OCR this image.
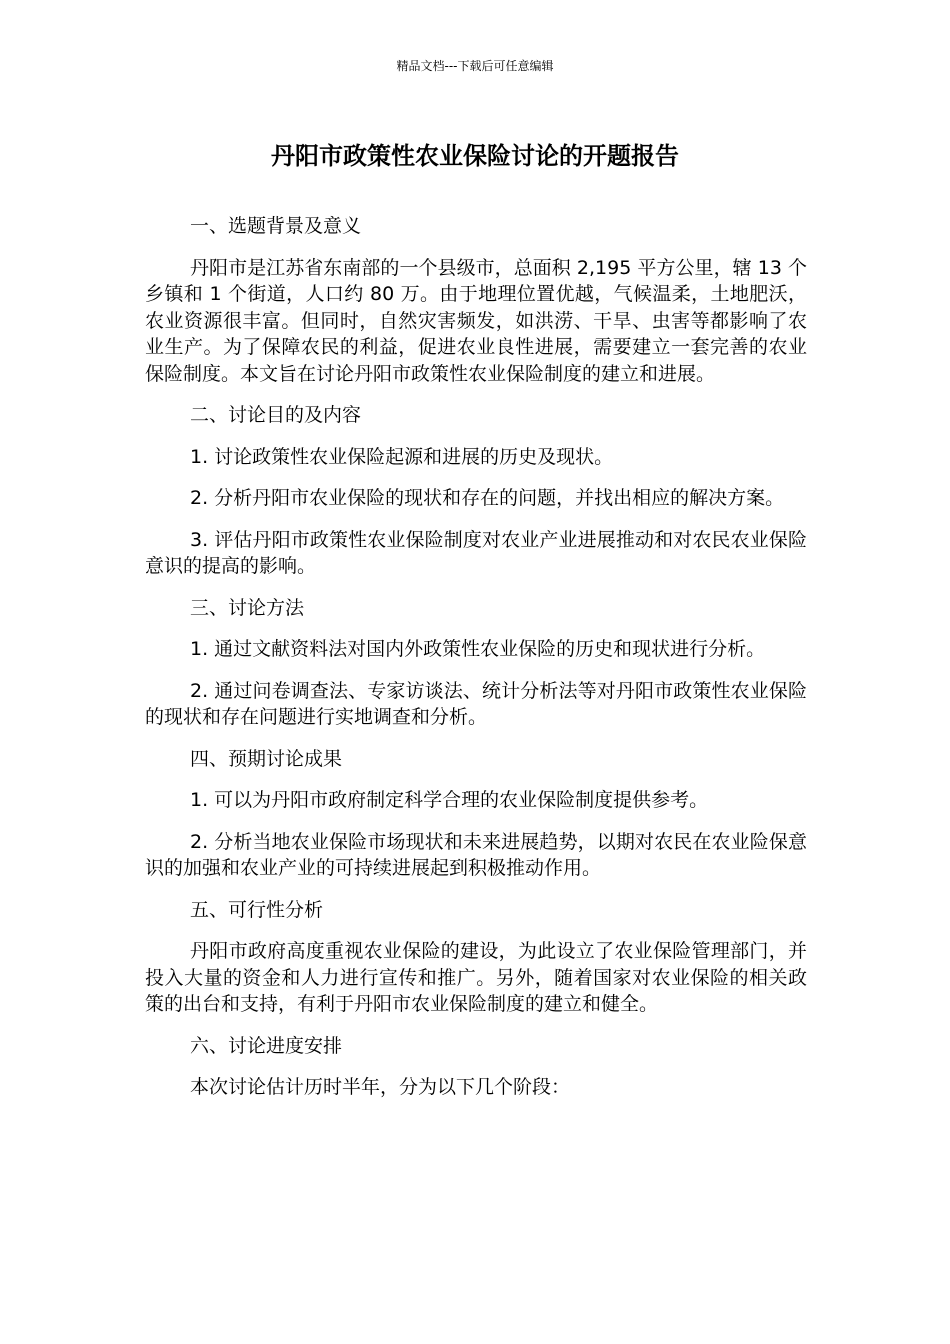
精品文档---下载后可任意编辑
丹阳市政策性农业保险讨论的开题报告

一、选题背景及意义

丹阳市是江苏省东南部的一个县级市，总面积 2,195 平方公里，辖 13 个乡镇和 1 个街道，人口约 80 万。由于地理位置优越，气候温柔，土地肥沃，农业资源很丰富。但同时，自然灾害频发，如洪涝、干旱、虫害等都影响了农业生产。为了保障农民的利益，促进农业良性进展，需要建立一套完善的农业保险制度。本文旨在讨论丹阳市政策性农业保险制度的建立和进展。

二、讨论目的及内容

1. 讨论政策性农业保险起源和进展的历史及现状。

2. 分析丹阳市农业保险的现状和存在的问题，并找出相应的解决方案。

3. 评估丹阳市政策性农业保险制度对农业产业进展推动和对农民农业保险意识的提高的影响。

三、讨论方法

1. 通过文献资料法对国内外政策性农业保险的历史和现状进行分析。

2. 通过问卷调查法、专家访谈法、统计分析法等对丹阳市政策性农业保险的现状和存在问题进行实地调查和分析。

四、预期讨论成果

1. 可以为丹阳市政府制定科学合理的农业保险制度提供参考。

2. 分析当地农业保险市场现状和未来进展趋势，以期对农民在农业险保意识的加强和农业产业的可持续进展起到积极推动作用。

五、可行性分析

丹阳市政府高度重视农业保险的建设，为此设立了农业保险管理部门，并投入大量的资金和人力进行宣传和推广。另外，随着国家对农业保险的相关政策的出台和支持，有利于丹阳市农业保险制度的建立和健全。

六、讨论进度安排

本次讨论估计历时半年，分为以下几个阶段：
